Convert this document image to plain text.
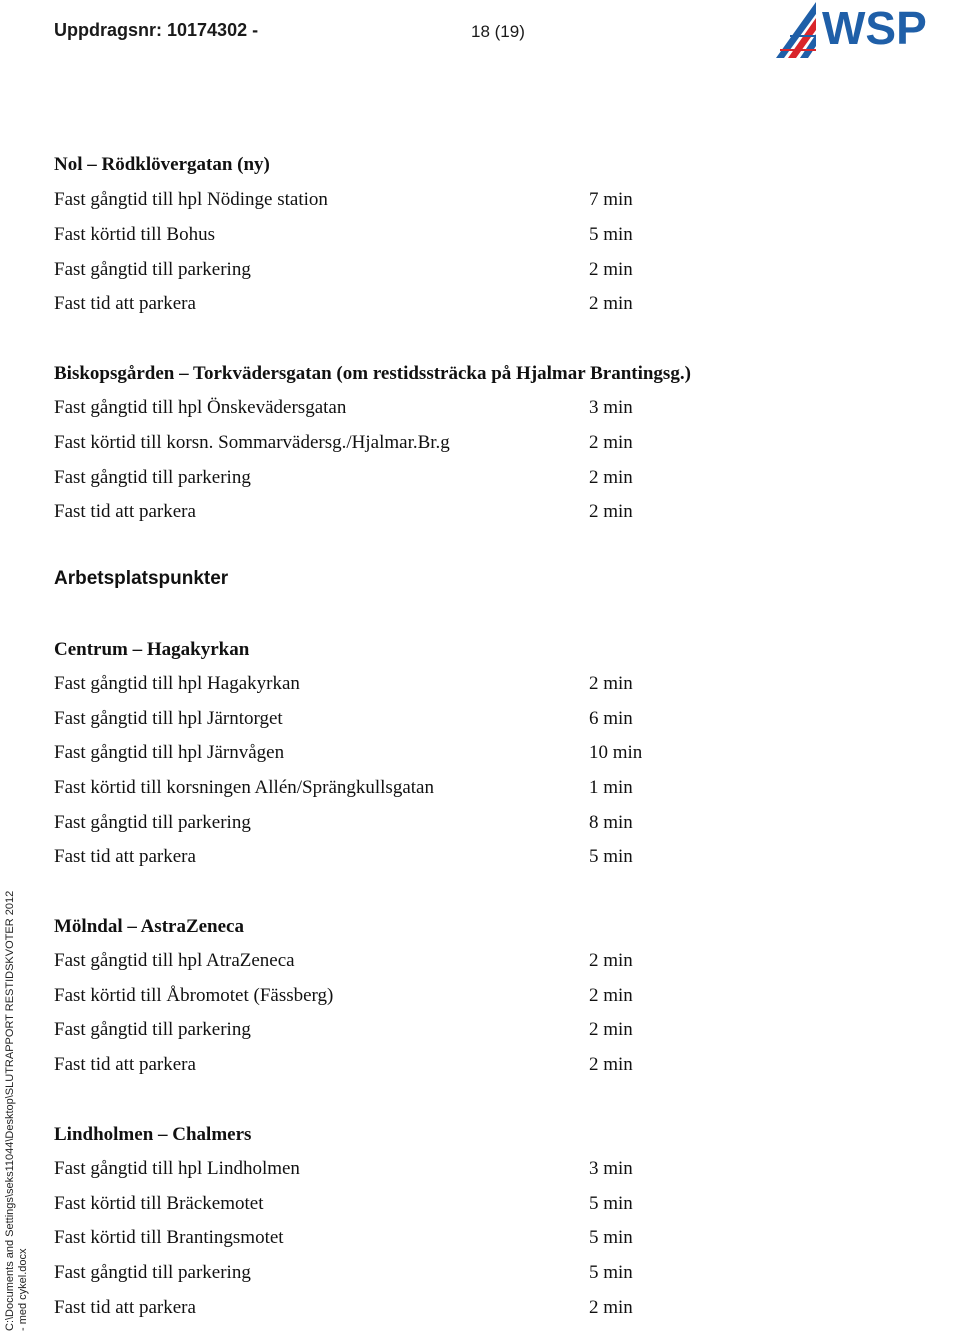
Uppdragsnr: 10174302 -	18 (19)	WSP
C:\Documents and Settings\seks11044\Desktop\SLUTRAPPORT RESTIDSKVOTER 2012 - med cykel.docx
Nol – Rödklövergatan (ny)
Fast gångtid till hpl Nödinge station	7 min
Fast körtid till Bohus	5 min
Fast gångtid till parkering	2 min
Fast tid att parkera	2 min
Biskopsgården – Torkvädersgatan (om restidssträcka på Hjalmar Brantingsg.)
Fast gångtid till hpl Önskevädersgatan	3 min
Fast körtid till korsn. Sommarvädersg./Hjalmar.Br.g	2 min
Fast gångtid till parkering	2 min
Fast tid att parkera	2 min
Arbetsplatspunkter
Centrum – Hagakyrkan
Fast gångtid till hpl Hagakyrkan	2 min
Fast gångtid till hpl Järntorget	6 min
Fast gångtid till hpl Järnvågen	10 min
Fast körtid till korsningen Allén/Sprängkullsgatan	1 min
Fast gångtid till parkering	8 min
Fast tid att parkera	5 min
Mölndal – AstraZeneca
Fast gångtid till hpl AtraZeneca	2 min
Fast körtid till Åbromotet (Fässberg)	2 min
Fast gångtid till parkering	2 min
Fast tid att parkera	2 min
Lindholmen – Chalmers
Fast gångtid till hpl Lindholmen	3 min
Fast körtid till Bräckemotet	5 min
Fast körtid till Brantingsmotet	5 min
Fast gångtid till parkering	5 min
Fast tid att parkera	2 min
